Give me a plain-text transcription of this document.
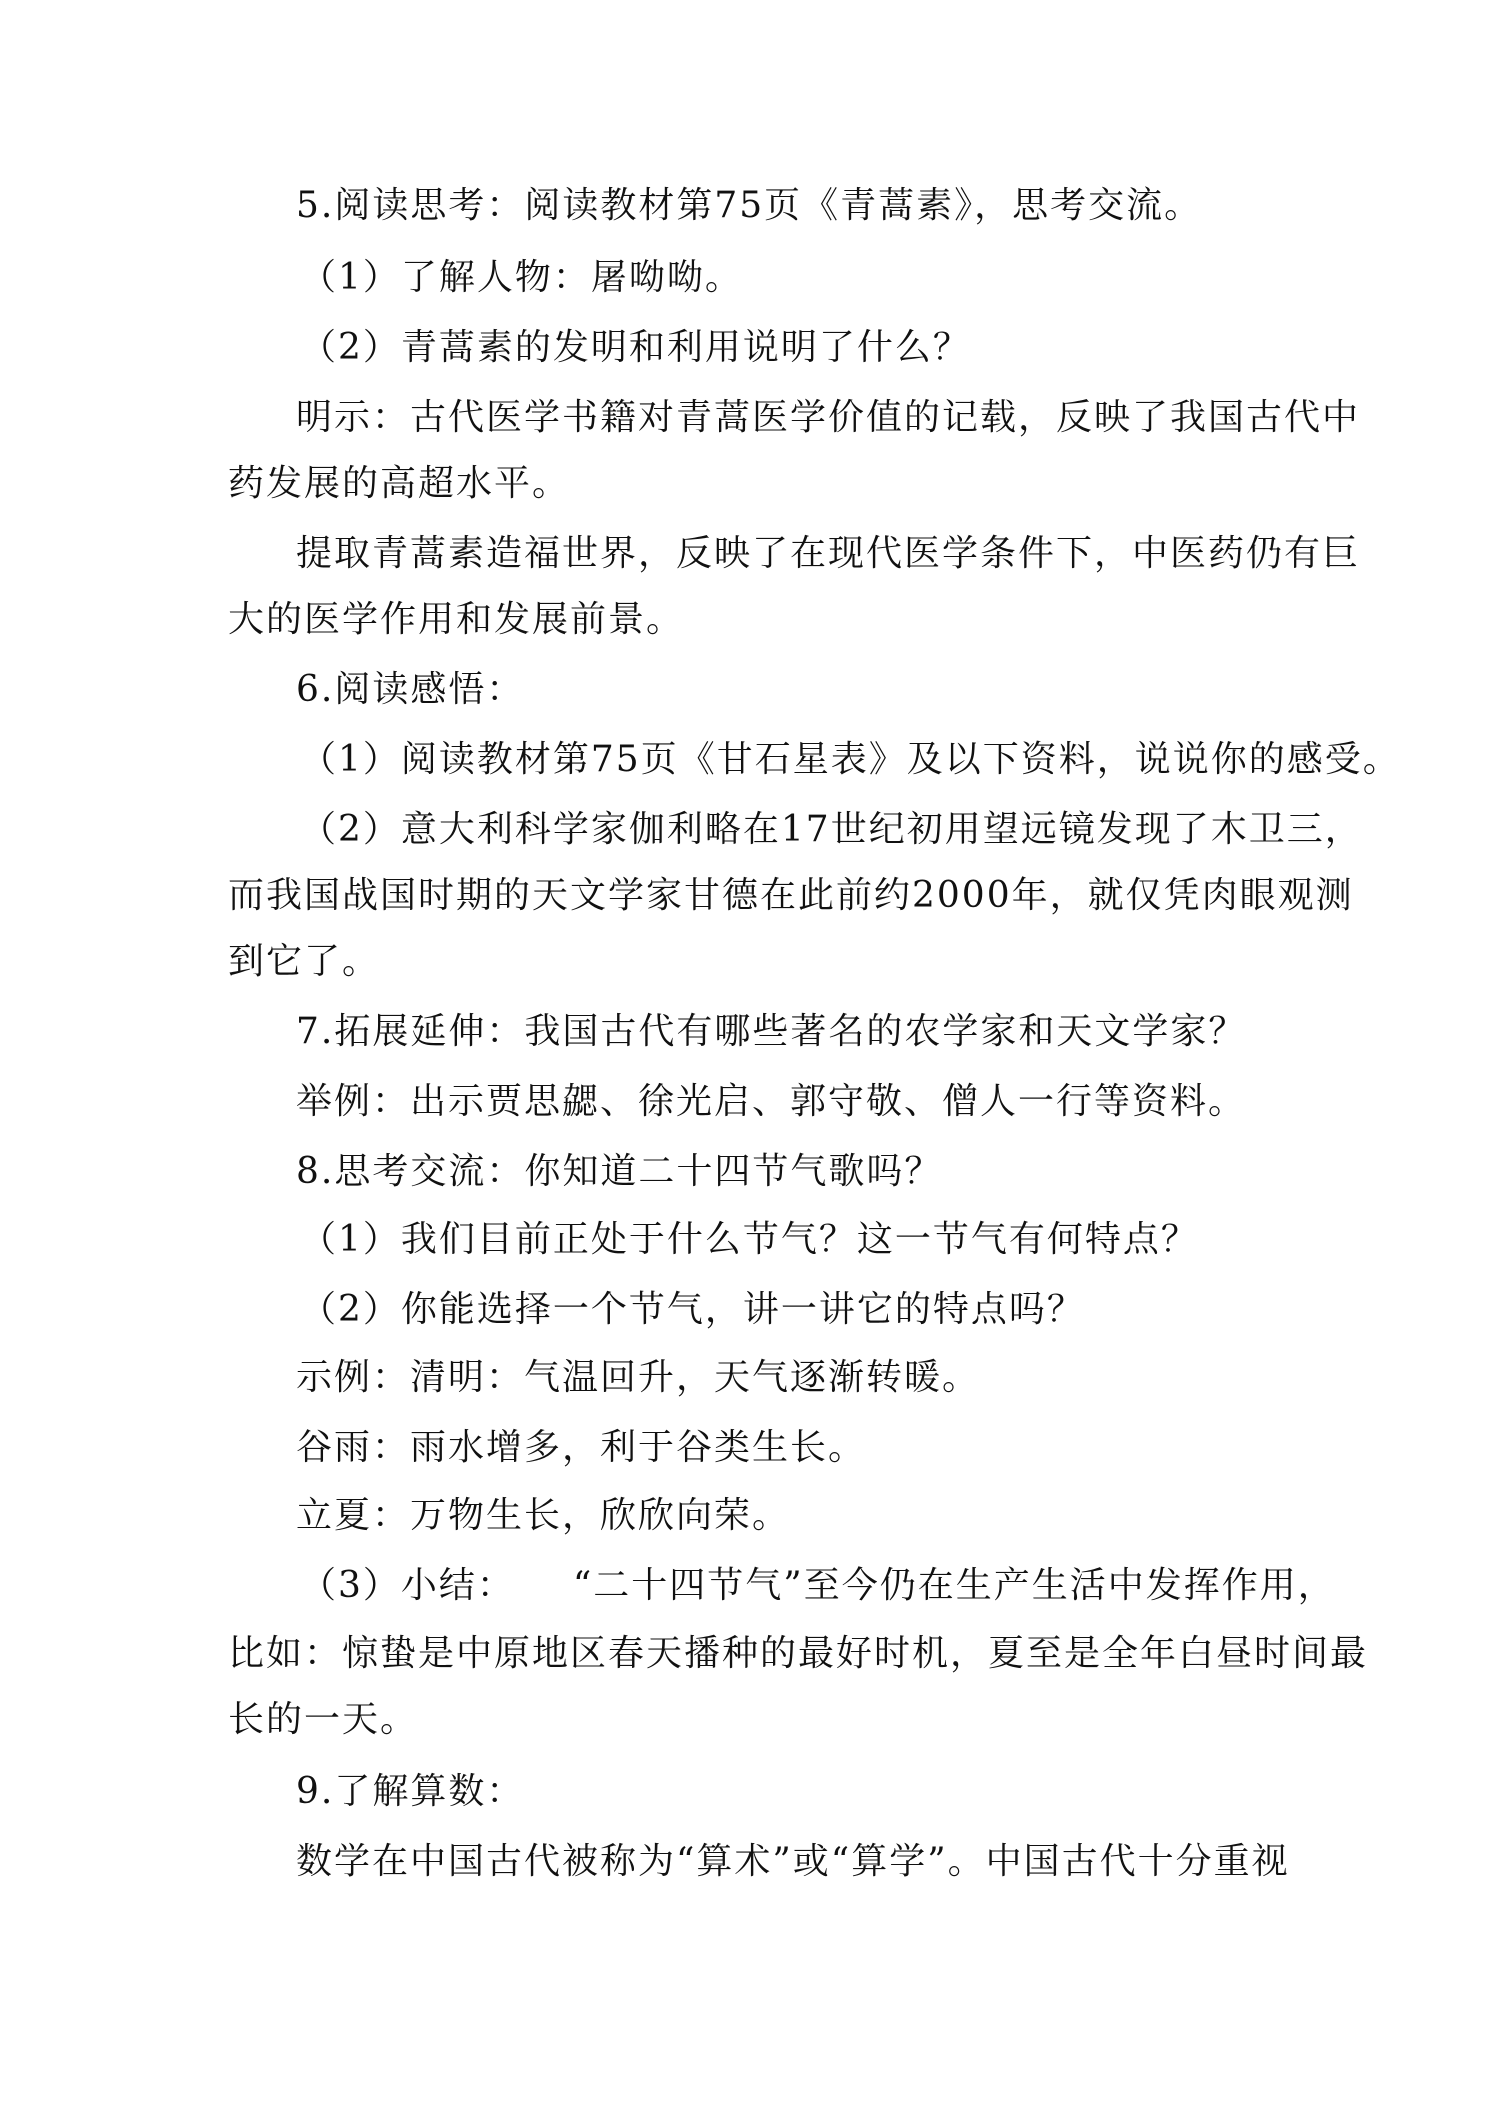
5.阅读思考：阅读教材第75页《青蒿素》，思考交流。
（1）了解人物：屠呦呦。
（2）青蒿素的发明和利用说明了什么？
明示：古代医学书籍对青蒿医学价值的记载，反映了我国古代中
药发展的高超水平。
提取青蒿素造福世界，反映了在现代医学条件下，中医药仍有巨
大的医学作用和发展前景。
6.阅读感悟：
（1）阅读教材第75页《甘石星表》及以下资料，说说你的感受。
（2）意大利科学家伽利略在17世纪初用望远镜发现了木卫三，
而我国战国时期的天文学家甘德在此前约2000年，就仅凭肉眼观测
到它了。
7.拓展延伸：我国古代有哪些著名的农学家和天文学家？
举例：出示贾思勰、徐光启、郭守敬、僧人一行等资料。
8.思考交流：你知道二十四节气歌吗？
（1）我们目前正处于什么节气？这一节气有何特点？
（2）你能选择一个节气，讲一讲它的特点吗？
示例：清明：气温回升，天气逐渐转暖。
谷雨：雨水增多，利于谷类生长。
立夏：万物生长，欣欣向荣。
（3）小结：　　“二十四节气”至今仍在生产生活中发挥作用，
比如：惊蛰是中原地区春天播种的最好时机，夏至是全年白昼时间最
长的一天。
9.了解算数：
数学在中国古代被称为“算术”或“算学”。中国古代十分重视
